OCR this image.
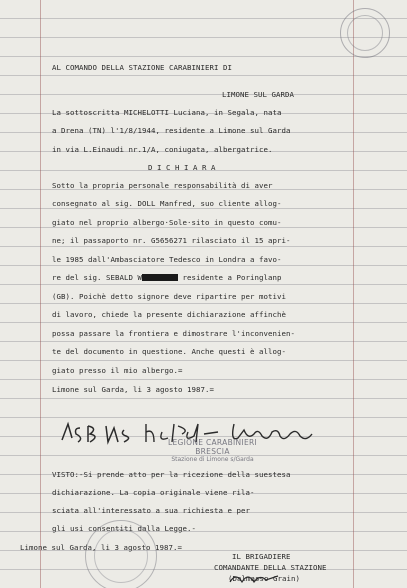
AL COMANDO DELLA STAZIONE CARABINIERI DI
LIMONE SUL GARDA
La sottoscritta MICHELOTTI Luciana, in Segala, nata
a Drena (TN) l'1/8/1944, residente a Limone sul Garda
in via L.Einaudi nr.1/A, coniugata, albergatrice.
D I C H I A R A
Sotto la propria personale responsabilità di aver
consegnato al sig. DOLL Manfred, suo cliente allog-
giato nel proprio albergo·Sole·sito in questo comu-
ne; il passaporto nr. G5656271 rilasciato il 15 apri-
le 1985 dall'Ambasciatore Tedesco in Londra a favo-
re del sig. SEBALD W	residente a Poringlanp
(GB). Poichè detto signore deve ripartire per motivi
di lavoro, chiede la presente dichiarazione affinchè
possa passare la frontiera e dimostrare l'inconvenien-
te del documento in questione. Anche questi è allog-
giato presso il mio albergo.=
Limone sul Garda, li 3 agosto 1987.=
LEGIONE CARABINIERI BRESCIA
Stazione di Limone s/Garda
VISTO:-Si prende atto per la ricezione della suestesa
dichiarazione. La copia originale viene rila-
sciata all'interessato a sua richiesta e per
gli usi consentiti dalla Legge.-
Limone sul Garda, li 3 agosto 1987.=
IL BRIGADIERE
COMANDANTE DELLA STAZIONE
(Dalmasso Grain)
